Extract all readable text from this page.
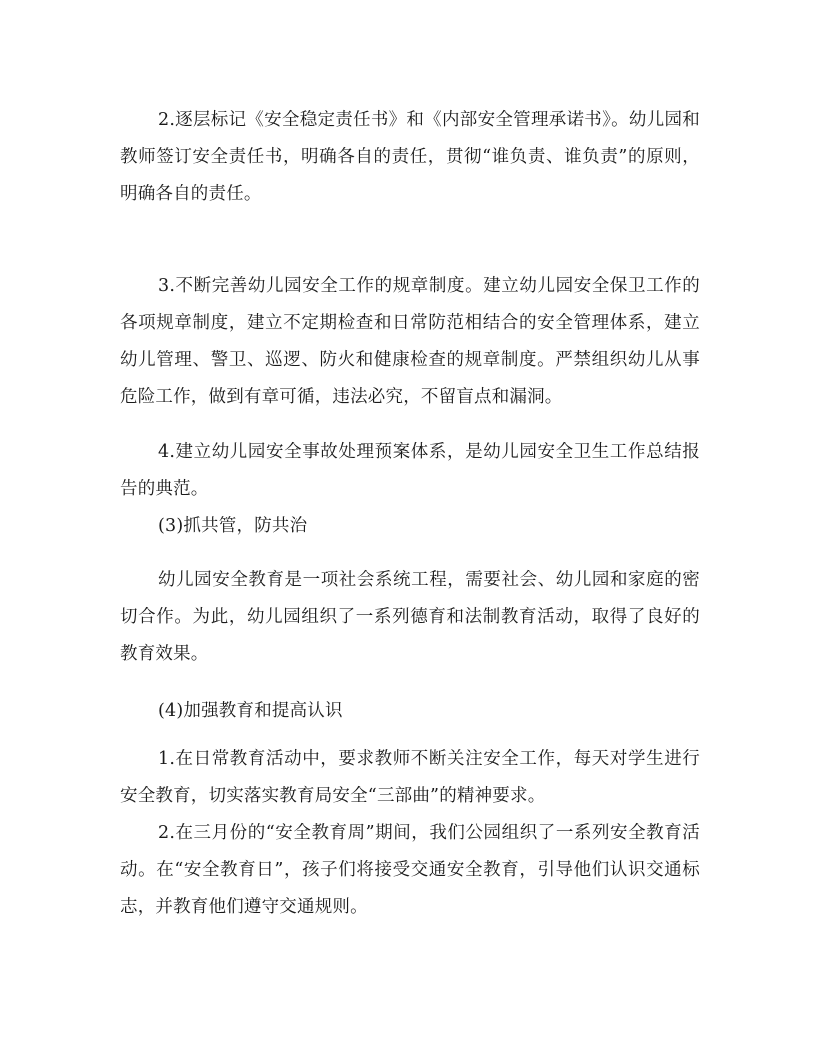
2.逐层标记《安全稳定责任书》和《内部安全管理承诺书》。幼儿园和教师签订安全责任书，明确各自的责任，贯彻“谁负责、谁负责”的原则，明确各自的责任。

3.不断完善幼儿园安全工作的规章制度。建立幼儿园安全保卫工作的各项规章制度，建立不定期检查和日常防范相结合的安全管理体系，建立幼儿管理、警卫、巡逻、防火和健康检查的规章制度。严禁组织幼儿从事危险工作，做到有章可循，违法必究，不留盲点和漏洞。

4.建立幼儿园安全事故处理预案体系，是幼儿园安全卫生工作总结报告的典范。

(3)抓共管，防共治

幼儿园安全教育是一项社会系统工程，需要社会、幼儿园和家庭的密切合作。为此，幼儿园组织了一系列德育和法制教育活动，取得了良好的教育效果。

(4)加强教育和提高认识

1.在日常教育活动中，要求教师不断关注安全工作，每天对学生进行安全教育，切实落实教育局安全“三部曲”的精神要求。

2.在三月份的“安全教育周”期间，我们公园组织了一系列安全教育活动。在“安全教育日”，孩子们将接受交通安全教育，引导他们认识交通标志，并教育他们遵守交通规则。
